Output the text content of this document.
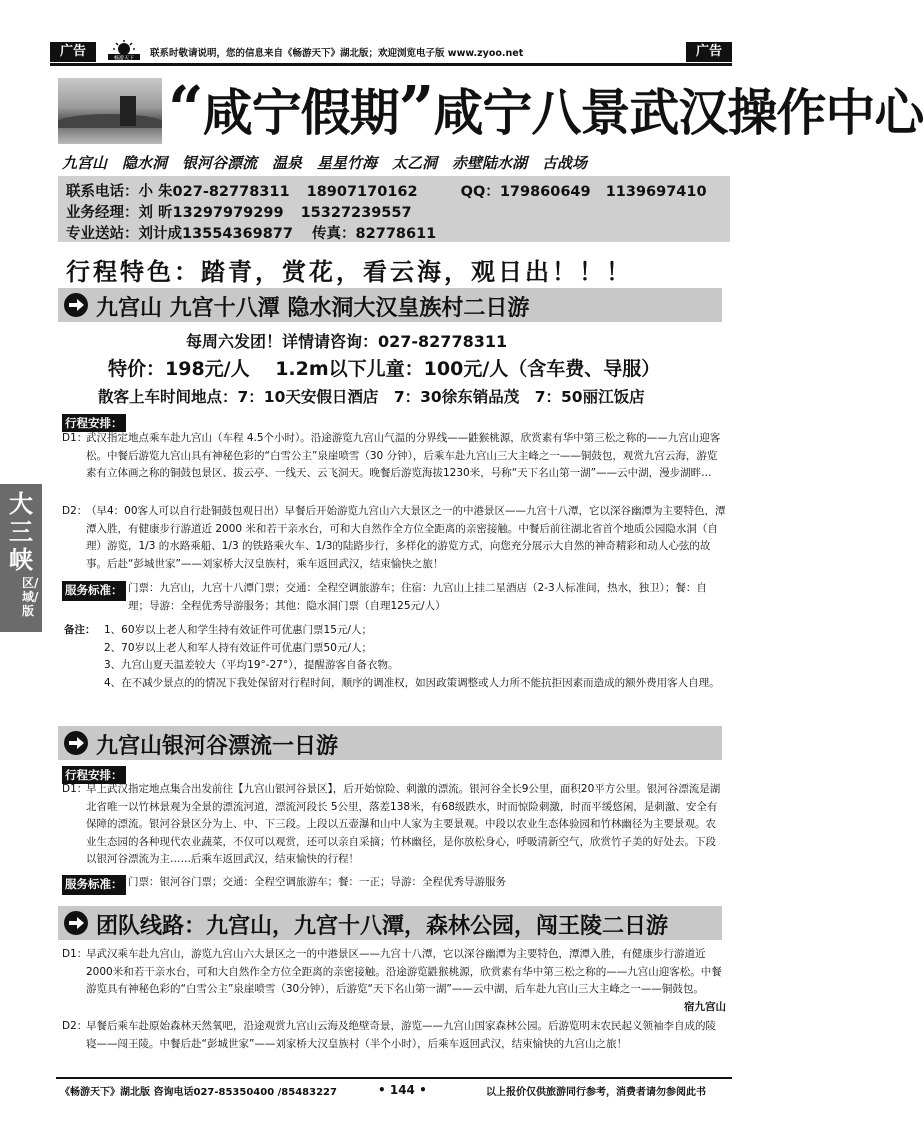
广告	畅游天下 联系时敬请说明，您的信息来自《畅游天下》湖北版；欢迎浏览电子版 www.zyoo.net	广告
“咸宁假期”咸宁八景武汉操作中心
九宫山　隐水洞　银河谷漂流　温泉　星星竹海　太乙洞　赤壁陆水湖　古战场
联系电话：小 朱027-82778311 18907170162	QQ：179860649 1139697410
业务经理：刘 昕13297979299 15327239557
专业送站：刘计成13554369877 传真：82778611
行程特色：踏青，赏花，看云海，观日出！！！
九宫山 九宫十八潭 隐水洞大汉皇族村二日游
每周六发团！详情请咨询：027-82778311
特价：198元/人　 1.2m以下儿童：100元/人（含车费、导服）
散客上车时间地点：7：10天安假日酒店　7：30徐东销品茂　7：50丽江饭店
行程安排：
D1：
武汉指定地点乘车赴九宫山（车程 4.5个小时）。沿途游览九宫山气温的分界线——鼪猴桃源，欣赏素有华中第三松之称的——九宫山迎客松。中餐后游览九宫山具有神秘色彩的“白雪公主”泉崖喷雪（30 分钟），后乘车赴九宫山三大主峰之一——铜鼓包，观赏九宫云海，游览素有立体画之称的铜鼓包景区、拔云亭、一线天、云飞洞天。晚餐后游览海拔1230米，号称“天下名山第一湖”——云中湖，漫步湖畔…
D2：
（早4：00客人可以自行赴铜鼓包观日出）早餐后开始游览九宫山六大景区之一的中港景区——九宫十八潭，它以深谷幽潭为主要特色，潭潭入胜，有健康步行游道近 2000 米和若干亲水台，可和大自然作全方位全距离的亲密接触。中餐后前往湖北省首个地质公园隐水洞（自理）游览，1/3 的水路乘船、1/3 的铁路乘火车、1/3的陆路步行，多样化的游览方式，向您充分展示大自然的神奇精彩和动人心弦的故事。后赴“彭城世家”——刘家桥大汉皇族村，乘车返回武汉，结束愉快之旅！
服务标准： 门票：九宫山，九宫十八潭门票；交通：全程空调旅游车；住宿：九宫山上挂二星酒店（2-3人标准间，热水，独卫）；餐：自理；导游：全程优秀导游服务；其他：隐水洞门票（自理125元/人）
备注： 1、60岁以上老人和学生持有效证件可优惠门票15元/人；
2、70岁以上老人和军人持有效证件可优惠门票50元/人；
3、九宫山夏天温差较大（平均19°-27°），提醒游客自备衣物。
4、在不减少景点的的情况下我处保留对行程时间，顺序的调准权，如因政策调整或人力所不能抗拒因素而造成的额外费用客人自理。
九宫山银河谷漂流一日游
行程安排：
D1：
早上武汉指定地点集合出发前往【九宫山银河谷景区】，后开始惊险、刺激的漂流。银河谷全长9公里，面积20平方公里。银河谷漂流是湖北省唯一以竹林景观为全景的漂流河道，漂流河段长 5公里，落差138米，有68级跌水，时而惊险刺激，时而平缓悠闲，是刺激、安全有保障的漂流。银河谷景区分为上、中、下三段。上段以五壶瀑和山中人家为主要景观。中段以农业生态体验园和竹林幽径为主要景观。农业生态园的各种现代农业蔬菜，不仅可以观赏，还可以亲自采摘；竹林幽径，是你放松身心，呼吸清新空气，欣赏竹子美的好处去。下段以银河谷漂流为主……后乘车返回武汉，结束愉快的行程！
服务标准： 门票：银河谷门票；交通：全程空调旅游车；餐：一正；导游：全程优秀导游服务
团队线路：九宫山，九宫十八潭，森林公园，闯王陵二日游
D1：
早武汉乘车赴九宫山，游览九宫山六大景区之一的中港景区——九宫十八潭，它以深谷幽潭为主要特色，潭潭入胜，有健康步行游道近2000米和若干亲水台，可和大自然作全方位全距离的亲密接触。沿途游览鼪猴桃源，欣赏素有华中第三松之称的——九宫山迎客松。中餐游览具有神秘色彩的“白雪公主”泉崖喷雪（30分钟），后游览“天下名山第一湖”——云中湖，后车赴九宫山三大主峰之一——铜鼓包。
宿九宫山
D2：
早餐后乘车赴原始森林天然氧吧，沿途观赏九宫山云海及绝壁奇景，游览——九宫山国家森林公园。后游览明末农民起义领袖李自成的陵寝——闯王陵。中餐后赴“彭城世家”——刘家桥大汉皇族村（半个小时），后乘车返回武汉，结束愉快的九宫山之旅！
大三峡
区/域/版
《畅游天下》湖北版 咨询电话027-85350400 /85483227	• 144 •	以上报价仅供旅游同行参考，消费者请勿参阅此书
